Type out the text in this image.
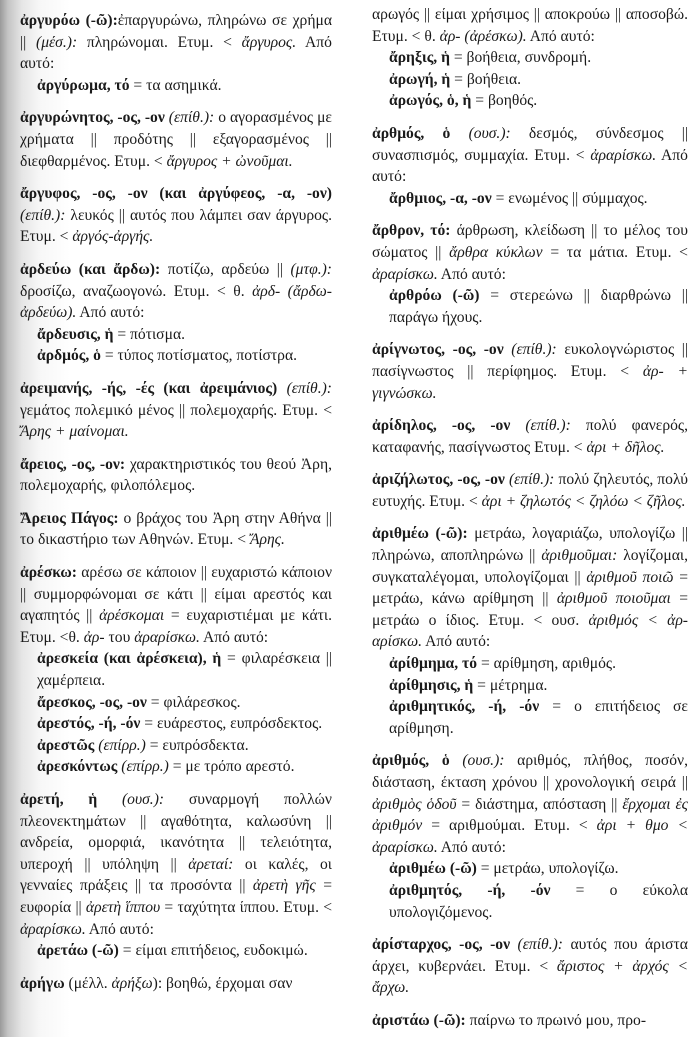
ἀργυρόω (-ῶ):ἐπαργυρώνω, πληρώνω σε χρήμα || (μέσ.): πληρώνομαι. Ετυμ. < ἄργυρος. Από αυτό:

ἀργύρωμα, τό = τα ασημικά.

ἀργυρώνητος, -ος, -ον (επίθ.): ο αγορασμένος με χρήματα || προδότης || εξαγορασμένος || διεφθαρμένος. Ετυμ. < ἄργυρος + ὠνοῦμαι.

ἄργυφος, -ος, -ον (και ἀργύφεος, -α, -ον) (επίθ.): λευκός || αυτός που λάμπει σαν άργυρος. Ετυμ. < ἀργός-ἀργής.

ἀρδεύω (και ἄρδω): ποτίζω, αρδεύω || (μτφ.): δροσίζω, αναζωογονώ. Ετυμ. < θ. ἀρδ- (ἄρδω-ἀρδεύω). Από αυτό:

ἄρδευσις, ἡ = πότισμα.

ἀρδμός, ὁ = τύπος ποτίσματος, ποτίστρα.

ἀρειμανής, -ής, -ές (και ἀρειμάνιος) (επίθ.): γεμάτος πολεμικό μένος || πολεμοχαρής. Ετυμ. < Ἄρης + μαίνομαι.

ἄρειος, -ος, -ον: χαρακτηριστικός του θεού Ἀρη, πολεμοχαρής, φιλοπόλεμος.

Ἄρειος Πάγος: ο βράχος του Ἀρη στην Αθήνα || το δικαστήριο των Αθηνών. Ετυμ. < Ἄρης.

ἀρέσκω: αρέσω σε κάποιον || ευχαριστώ κάποιον || συμμορφώνομαι σε κάτι || είμαι αρεστός και αγαπητός || ἀρέσκομαι = ευχαριστιέμαι με κάτι. Ετυμ. <θ. ἀρ- του ἀραρίσκω. Από αυτό:

ἀρεσκεία (και ἀρέσκεια), ἡ = φιλαρέσκεια || χαμέρπεια.

ἄρεσκος, -ος, -ον = φιλάρεσκος.

ἀρεστός, -ή, -όν = ευάρεστος, ευπρόσδεκτος.

ἀρεστῶς (επίρρ.) = ευπρόσδεκτα.

ἀρεσκόντως (επίρρ.) = με τρόπο αρεστό.

ἀρετή, ἡ (ουσ.): συναρμογή πολλών πλεονεκτημάτων || αγαθότητα, καλωσύνη || ανδρεία, ομορφιά, ικανότητα || τελειότητα, υπεροχή || υπόληψη || ἀρεταί: οι καλές, οι γενναίες πράξεις || τα προσόντα || ἀρετὴ γῆς = ευφορία || ἀρετὴ ἵππου = ταχύτητα ίππου. Ετυμ. < ἀραρίσκω. Από αυτό:

ἀρετάω (-ῶ) = είμαι επιτήδειος, ευδοκιμώ.

ἀρήγω (μέλλ. ἀρήξω): βοηθώ, έρχομαι σαν

αρωγός || είμαι χρήσιμος || αποκρούω || αποσοβώ. Ετυμ. < θ. ἀρ- (ἀρέσκω). Από αυτό:

ἄρηξις, ἡ = βοήθεια, συνδρομή.

ἀρωγή, ἡ = βοήθεια.

ἀρωγός, ὁ, ἡ = βοηθός.

ἀρθμός, ὁ (ουσ.): δεσμός, σύνδεσμος || συνασπισμός, συμμαχία. Ετυμ. < ἀραρίσκω. Από αυτό:

ἄρθμιος, -α, -ον = ενωμένος || σύμμαχος.

ἄρθρον, τό: άρθρωση, κλείδωση || το μέλος του σώματος || ἄρθρα κύκλων = τα μάτια. Ετυμ. < ἀραρίσκω. Από αυτό:

ἀρθρόω (-ῶ) = στερεώνω || διαρθρώνω || παράγω ήχους.

ἀρίγνωτος, -ος, -ον (επίθ.): ευκολογνώριστος || πασίγνωστος || περίφημος. Ετυμ. < ἀρ- + γιγνώσκω.

ἀρίδηλος, -ος, -ον (επίθ.): πολύ φανερός, καταφανής, πασίγνωστος Ετυμ. < ἀρι + δῆλος.

ἀριζήλωτος, -ος, -ον (επίθ.): πολύ ζηλευτός, πολύ ευτυχής. Ετυμ. < ἀρι + ζηλωτός < ζηλόω < ζῆλος.

ἀριθμέω (-ῶ): μετράω, λογαριάζω, υπολογίζω || πληρώνω, αποπληρώνω || ἀριθμοῦμαι: λογίζομαι, συγκαταλέγομαι, υπολογίζομαι || ἀριθμοῦ ποιῶ = μετράω, κάνω αρίθμηση || ἀριθμοῦ ποιοῦμαι = μετράω ο ίδιος. Ετυμ. < ουσ. ἀριθμός < ἀρ-αρίσκω. Από αυτό:

ἀρίθμημα, τό = αρίθμηση, αριθμός.

ἀρίθμησις, ἡ = μέτρημα.

ἀριθμητικός, -ή, -όν = ο επιτήδειος σε αρίθμηση.

ἀριθμός, ὁ (ουσ.): αριθμός, πλήθος, ποσόν, διάσταση, έκταση χρόνου || χρονολογική σειρά || ἀριθμὸς ὁδοῦ = διάστημα, απόσταση || ἔρχομαι ἐς ἀριθμόν = αριθμούμαι. Ετυμ. < ἀρι + θμο < ἀραρίσκω. Από αυτό:

ἀριθμέω (-ῶ) = μετράω, υπολογίζω.

ἀριθμητός, -ή, -όν = ο εύκολα υπολογιζόμενος.

ἀρίσταρχος, -ος, -ον (επίθ.): αυτός που άριστα άρχει, κυβερνάει. Ετυμ. < ἄριστος + ἀρχός < ἄρχω.

ἀριστάω (-ῶ): παίρνω το πρωινό μου, προ-
